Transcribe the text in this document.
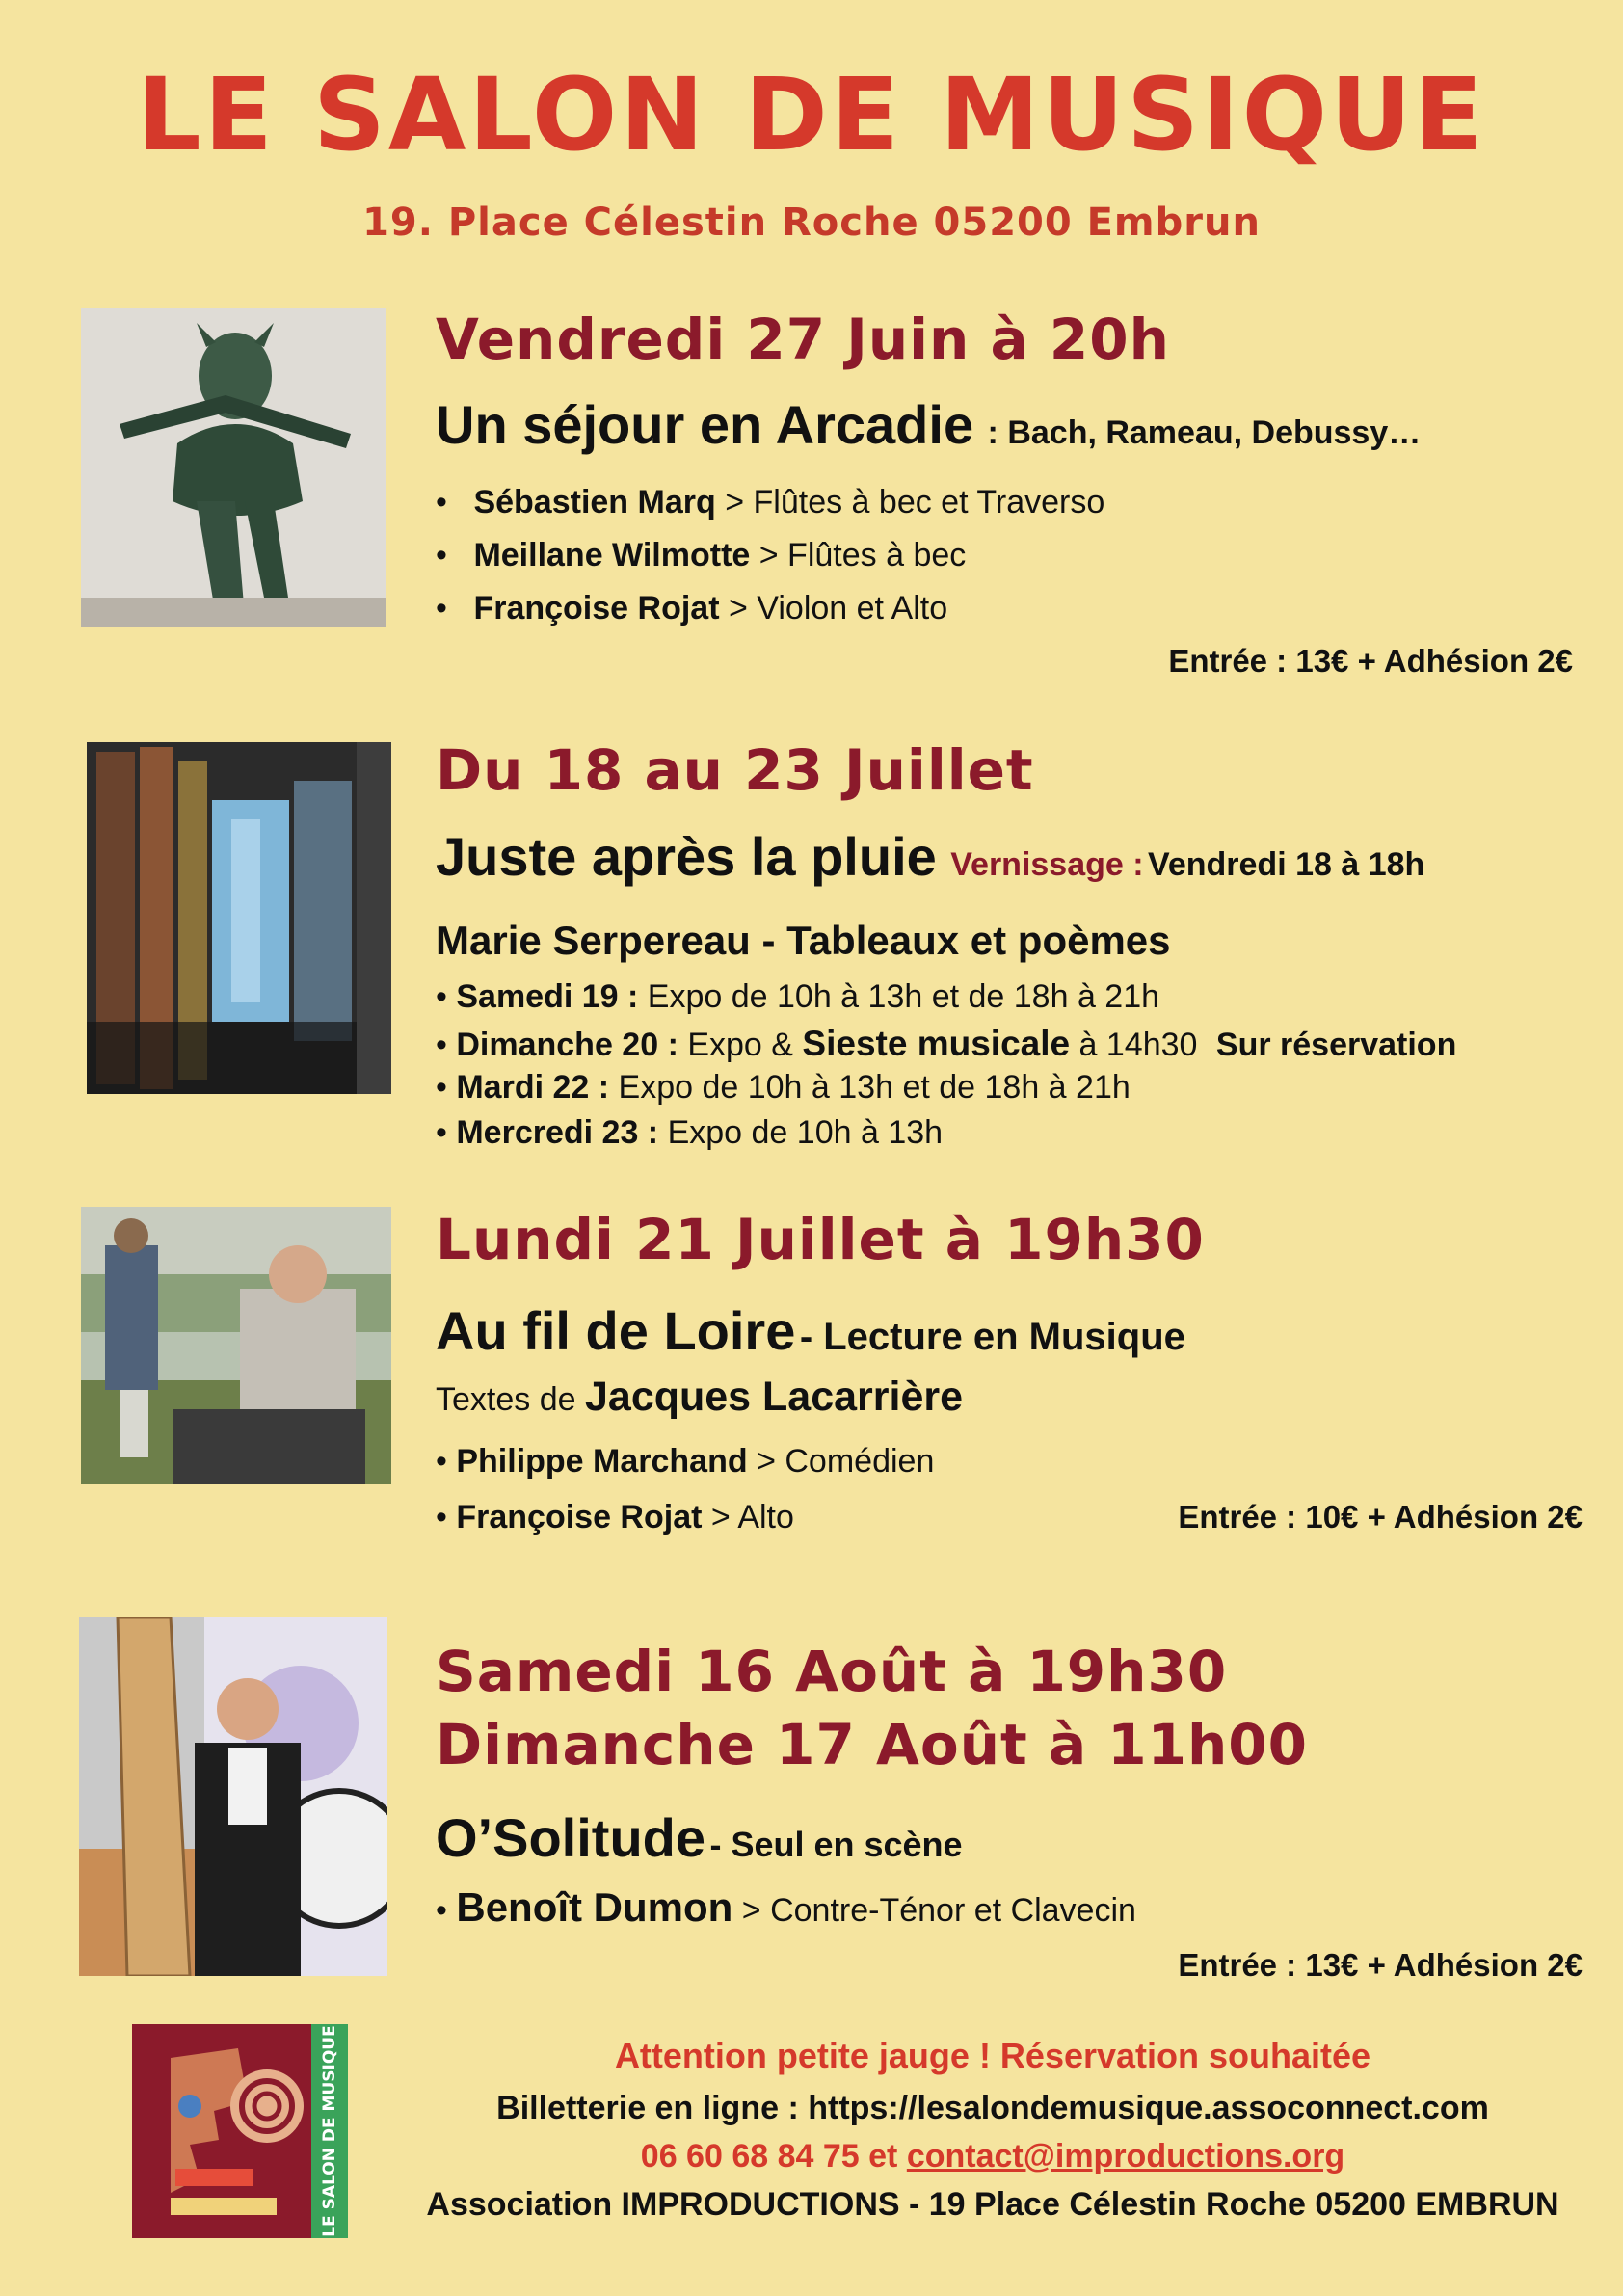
LE SALON DE MUSIQUE
19. Place Célestin Roche 05200 Embrun
Vendredi 27 Juin à 20h
Un séjour en Arcadie : Bach, Rameau, Debussy…
• Sébastien Marq > Flûtes à bec et Traverso
• Meillane Wilmotte > Flûtes à bec
• Françoise Rojat > Violon et Alto
Entrée : 13€ + Adhésion 2€
Du 18 au 23 Juillet
Juste après la pluie Vernissage : Vendredi 18 à 18h
Marie Serpereau - Tableaux et poèmes
• Samedi 19 : Expo de 10h à 13h et de 18h à 21h
• Dimanche 20 : Expo & Sieste musicale à 14h30 Sur réservation
• Mardi 22 : Expo de 10h à 13h et de 18h à 21h
• Mercredi 23 : Expo de 10h à 13h
Lundi 21 Juillet à 19h30
Au fil de Loire - Lecture en Musique
Textes de Jacques Lacarrière
• Philippe Marchand > Comédien
• Françoise Rojat > Alto	Entrée : 10€ + Adhésion 2€
Samedi 16 Août à 19h30
Dimanche 17 Août à 11h00
O’Solitude - Seul en scène
• Benoît Dumon > Contre-Ténor et Clavecin
Entrée : 13€ + Adhésion 2€
LE SALON DE MUSIQUE	Attention petite jauge ! Réservation souhaitée
Billetterie en ligne : https://lesalondemusique.assoconnect.com
06 60 68 84 75 et contact@improductions.org
Association IMPRODUCTIONS - 19 Place Célestin Roche 05200 EMBRUN
